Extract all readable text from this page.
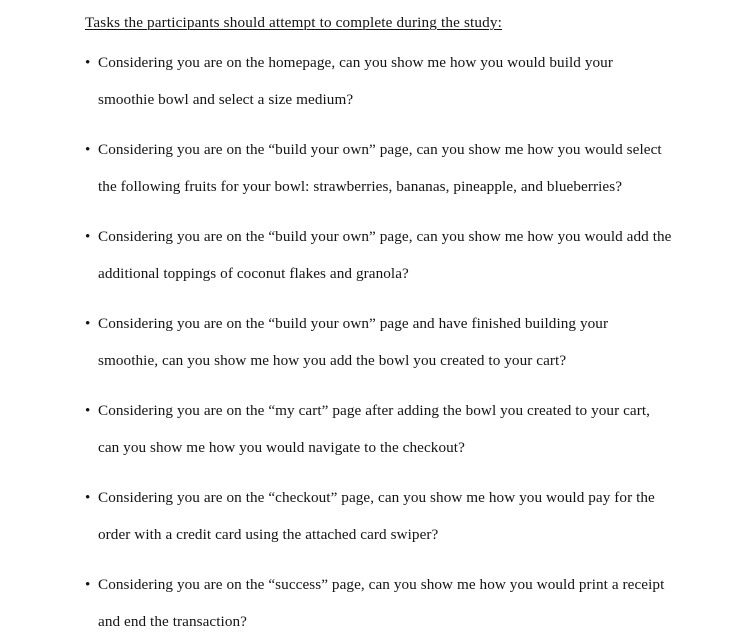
Tasks the participants should attempt to complete during the study:
• Considering you are on the homepage, can you show me how you would build your smoothie bowl and select a size medium?
• Considering you are on the “build your own” page, can you show me how you would select the following fruits for your bowl: strawberries, bananas, pineapple, and blueberries?
• Considering you are on the “build your own” page, can you show me how you would add the additional toppings of coconut flakes and granola?
• Considering you are on the “build your own” page and have finished building your smoothie, can you show me how you add the bowl you created to your cart?
• Considering you are on the “my cart” page after adding the bowl you created to your cart, can you show me how you would navigate to the checkout?
• Considering you are on the “checkout” page, can you show me how you would pay for the order with a credit card using the attached card swiper?
• Considering you are on the “success” page, can you show me how you would print a receipt and end the transaction?
